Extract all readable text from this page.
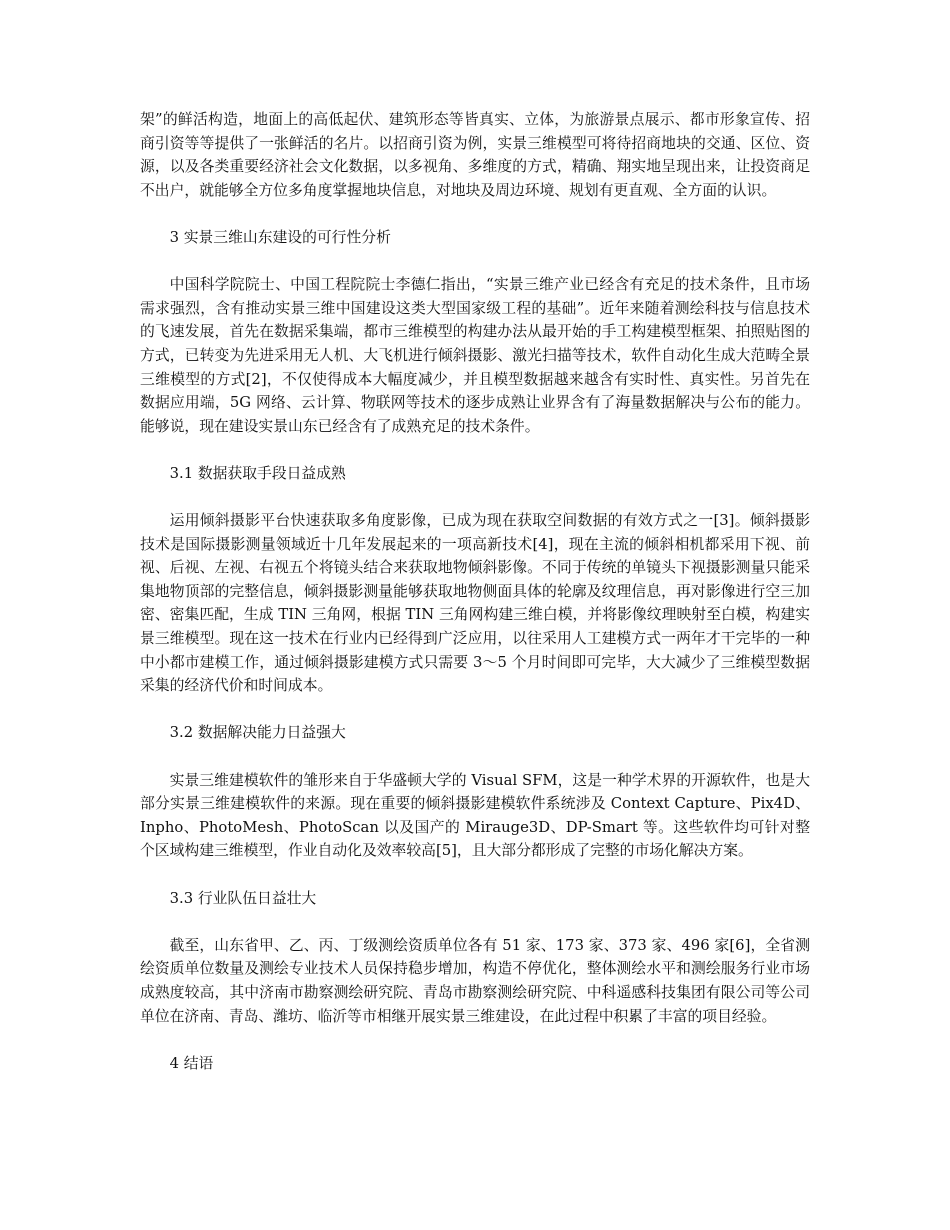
架”的鲜活构造，地面上的高低起伏、建筑形态等皆真实、立体，为旅游景点展示、都市形象宣传、招商引资等等提供了一张鲜活的名片。以招商引资为例，实景三维模型可将待招商地块的交通、区位、资源，以及各类重要经济社会文化数据，以多视角、多维度的方式，精确、翔实地呈现出来，让投资商足不出户，就能够全方位多角度掌握地块信息，对地块及周边环境、规划有更直观、全方面的认识。

3 实景三维山东建设的可行性分析

中国科学院院士、中国工程院院士李德仁指出，“实景三维产业已经含有充足的技术条件，且市场需求强烈，含有推动实景三维中国建设这类大型国家级工程的基础”。近年来随着测绘科技与信息技术的飞速发展，首先在数据采集端，都市三维模型的构建办法从最开始的手工构建模型框架、拍照贴图的方式，已转变为先进采用无人机、大飞机进行倾斜摄影、激光扫描等技术，软件自动化生成大范畴全景三维模型的方式[2]，不仅使得成本大幅度减少，并且模型数据越来越含有实时性、真实性。另首先在数据应用端，5G 网络、云计算、物联网等技术的逐步成熟让业界含有了海量数据解决与公布的能力。能够说，现在建设实景山东已经含有了成熟充足的技术条件。

3.1 数据获取手段日益成熟

运用倾斜摄影平台快速获取多角度影像，已成为现在获取空间数据的有效方式之一[3]。倾斜摄影技术是国际摄影测量领域近十几年发展起来的一项高新技术[4]，现在主流的倾斜相机都采用下视、前视、后视、左视、右视五个将镜头结合来获取地物倾斜影像。不同于传统的单镜头下视摄影测量只能采集地物顶部的完整信息，倾斜摄影测量能够获取地物侧面具体的轮廓及纹理信息，再对影像进行空三加密、密集匹配，生成 TIN 三角网，根据 TIN 三角网构建三维白模，并将影像纹理映射至白模，构建实景三维模型。现在这一技术在行业内已经得到广泛应用，以往采用人工建模方式一两年才干完毕的一种中小都市建模工作，通过倾斜摄影建模方式只需要 3～5 个月时间即可完毕，大大减少了三维模型数据采集的经济代价和时间成本。

3.2 数据解决能力日益强大

实景三维建模软件的雏形来自于华盛顿大学的 Visual SFM，这是一种学术界的开源软件，也是大部分实景三维建模软件的来源。现在重要的倾斜摄影建模软件系统涉及 Context Capture、Pix4D、Inpho、PhotoMesh、PhotoScan 以及国产的 Mirauge3D、DP-Smart 等。这些软件均可针对整个区域构建三维模型，作业自动化及效率较高[5]，且大部分都形成了完整的市场化解决方案。

3.3 行业队伍日益壮大

截至，山东省甲、乙、丙、丁级测绘资质单位各有 51 家、173 家、373 家、496 家[6]，全省测绘资质单位数量及测绘专业技术人员保持稳步增加，构造不停优化，整体测绘水平和测绘服务行业市场成熟度较高，其中济南市勘察测绘研究院、青岛市勘察测绘研究院、中科遥感科技集团有限公司等公司单位在济南、青岛、潍坊、临沂等市相继开展实景三维建设，在此过程中积累了丰富的项目经验。

4 结语
